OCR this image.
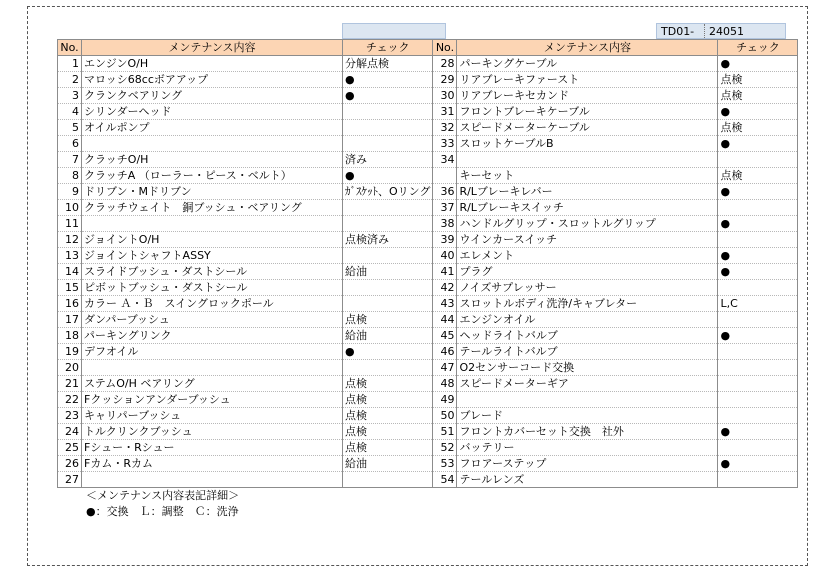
TD01- 24051
No.	メンテナンス内容	チェック	No.	メンテナンス内容	チェック
1	エンジンO/H	分解点検	28	パーキングケーブル	●
2	マロッシ68ccボアアップ	●	29	リアブレーキファースト	点検
3	クランクベアリング	●	30	リアブレーキセカンド	点検
4	シリンダーヘッド		31	フロントブレーキケーブル	●
5	オイルポンプ		32	スピードメーターケーブル	点検
6			33	スロットケーブルB	●
7	クラッチO/H	済み	34		
8	クラッチA （ローラー・ピース・ベルト）	●		キーセット	点検
9	ドリブン・Mドリブン	ｶﾞｽｹｯﾄ、Oリング	36	R/Lブレーキレバー	●
10	クラッチウェイト　銅ブッシュ・ベアリング		37	R/Lブレーキスイッチ	
11			38	ハンドルグリップ・スロットルグリップ	●
12	ジョイントO/H	点検済み	39	ウインカースイッチ	
13	ジョイントシャフトASSY		40	エレメント	●
14	スライドブッシュ・ダストシール	給油	41	プラグ	●
15	ピボットブッシュ・ダストシール		42	ノイズサプレッサー	
16	カラー Ａ・Ｂ　スイングロックポール		43	スロットルボディ洗浄/キャブレター	L,C
17	ダンパーブッシュ	点検	44	エンジンオイル	
18	パーキングリンク	給油	45	ヘッドライトバルブ	●
19	デフオイル	●	46	テールライトバルブ	
20			47	O2センサーコード交換	
21	ステムO/H ベアリング	点検	48	スピードメーターギア	
22	Fクッションアンダーブッシュ	点検	49		
23	キャリパーブッシュ	点検	50	ブレード	
24	トルクリンクブッシュ	点検	51	フロントカバーセット交換　社外	●
25	Fシュー・Rシュー	点検	52	バッテリー	
26	Fカム・Rカム	給油	53	フロアーステップ	●
27			54	テールレンズ	
＜メンテナンス内容表記詳細＞
●：交換　Ｌ：調整　Ｃ：洗浄
